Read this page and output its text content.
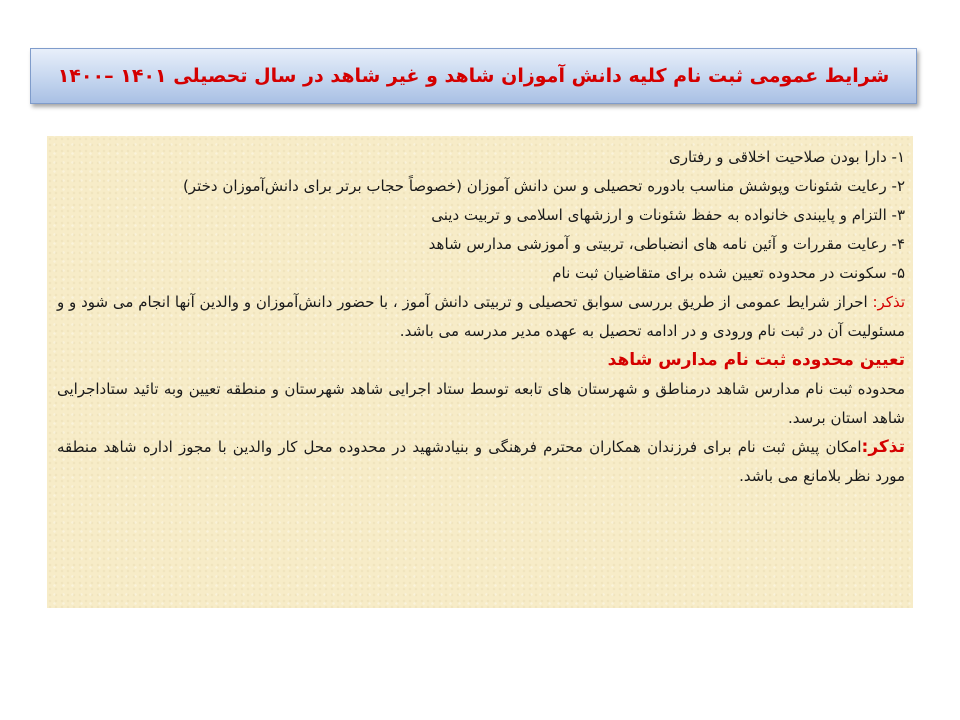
شرایط عمومی ثبت نام کلیه دانش آموزان شاهد و غیر شاهد در سال تحصیلی ۱۴۰۱ –۱۴۰۰

۱- دارا بودن صلاحیت اخلاقی و رفتاری

۲- رعایت شئونات وپوشش مناسب بادوره تحصیلی و سن دانش آموزان (خصوصاً حجاب برتر برای دانش‌آموزان دختر)

۳- التزام و پایبندی خانواده به حفظ شئونات و ارزشهای اسلامی و تربیت دینی

۴- رعایت مقررات و آئین نامه های انضباطی، تربیتی و آموزشی مدارس شاهد

۵- سکونت در محدوده تعیین شده برای متقاضیان ثبت نام

تذکر: احراز شرایط عمومی از طریق بررسی سوابق تحصیلی و تربیتی دانش آموز ، با حضور دانش‌آموزان و والدین آنها انجام می شود و و مسئولیت آن در ثبت نام ورودی و در ادامه تحصیل به عهده مدیر مدرسه می باشد.

تعیین محدوده ثبت نام مدارس شاهد

محدوده ثبت نام مدارس شاهد درمناطق و شهرستان های تابعه توسط ستاد اجرایی شاهد شهرستان و منطقه تعیین وبه تائید ستاداجرایی شاهد استان برسد.

تذکر:امکان پیش ثبت نام برای فرزندان همکاران محترم فرهنگی و بنیادشهید در محدوده محل کار والدین با مجوز اداره شاهد منطقه مورد نظر بلامانع می باشد.
